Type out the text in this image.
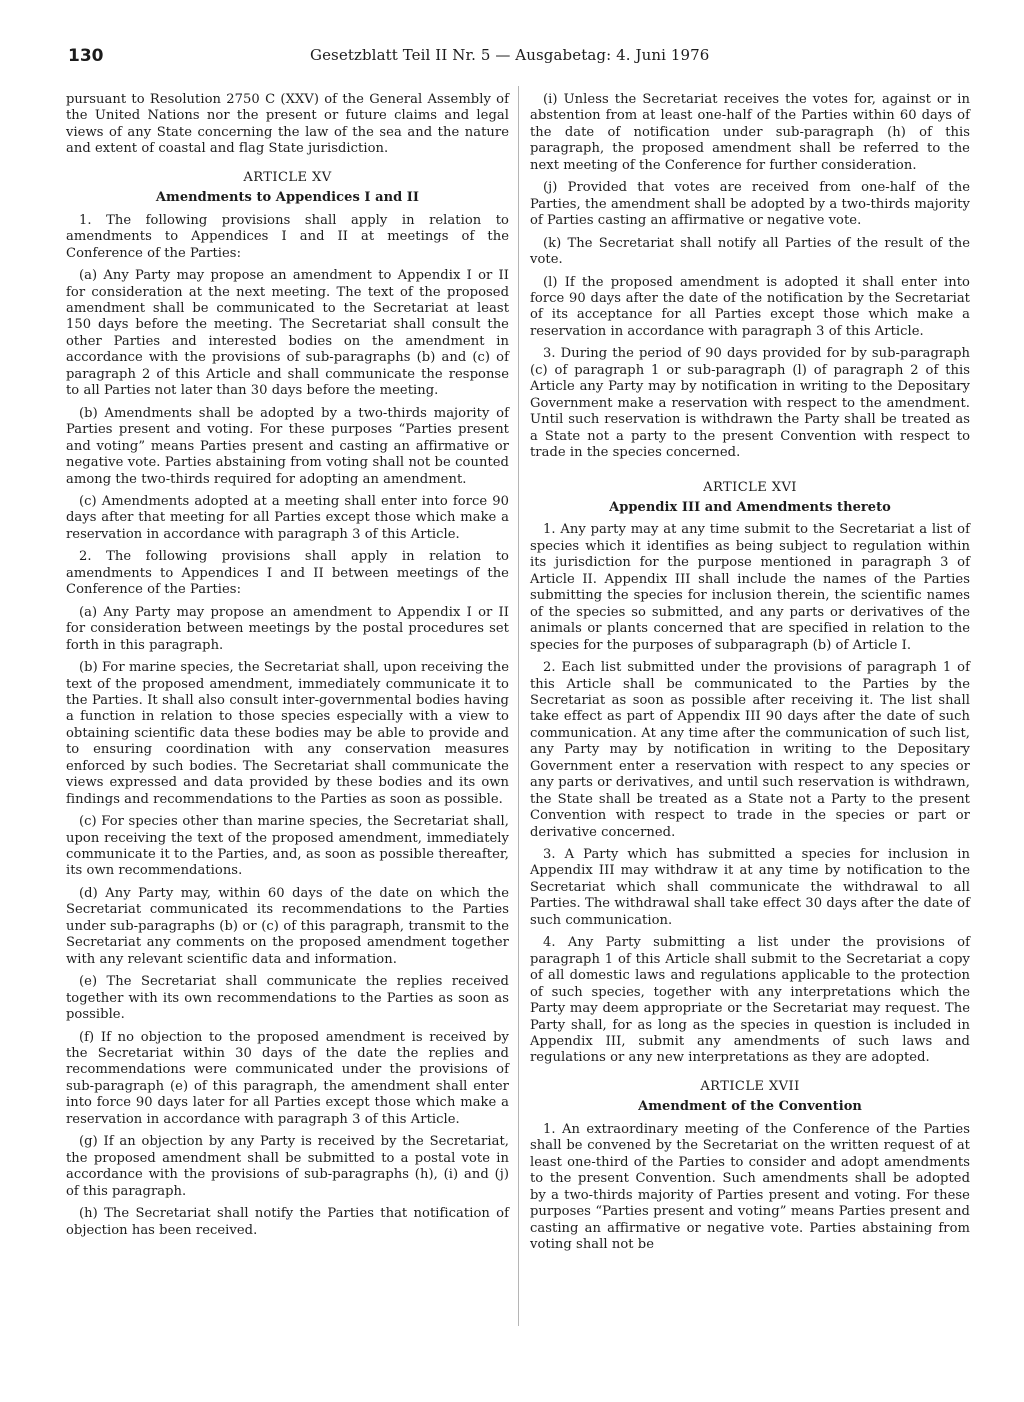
130	Gesetzblatt Teil II Nr. 5 — Ausgabetag: 4. Juni 1976

pursuant to Resolution 2750 C (XXV) of the General Assembly of the United Nations nor the present or future claims and legal views of any State concerning the law of the sea and the nature and extent of coastal and flag State jurisdiction.

ARTICLE XV
Amendments to Appendices I and II

1. The following provisions shall apply in relation to amendments to Appendices I and II at meetings of the Conference of the Parties:

(a) Any Party may propose an amendment to Appendix I or II for consideration at the next meeting. The text of the proposed amendment shall be communicated to the Secretariat at least 150 days before the meeting. The Secretariat shall consult the other Parties and interested bodies on the amendment in accordance with the provisions of sub-paragraphs (b) and (c) of paragraph 2 of this Article and shall communicate the response to all Parties not later than 30 days before the meeting.

(b) Amendments shall be adopted by a two-thirds majority of Parties present and voting. For these purposes “Parties present and voting” means Parties present and casting an affirmative or negative vote. Parties abstaining from voting shall not be counted among the two-thirds required for adopting an amendment.

(c) Amendments adopted at a meeting shall enter into force 90 days after that meeting for all Parties except those which make a reservation in accordance with paragraph 3 of this Article.

2. The following provisions shall apply in relation to amendments to Appendices I and II between meetings of the Conference of the Parties:

(a) Any Party may propose an amendment to Appendix I or II for consideration between meetings by the postal procedures set forth in this paragraph.

(b) For marine species, the Secretariat shall, upon receiving the text of the proposed amendment, immediately communicate it to the Parties. It shall also consult inter-governmental bodies having a function in relation to those species especially with a view to obtaining scientific data these bodies may be able to provide and to ensuring coordination with any conservation measures enforced by such bodies. The Secretariat shall communicate the views expressed and data provided by these bodies and its own findings and recommendations to the Parties as soon as possible.

(c) For species other than marine species, the Secretariat shall, upon receiving the text of the proposed amendment, immediately communicate it to the Parties, and, as soon as possible thereafter, its own recommendations.

(d) Any Party may, within 60 days of the date on which the Secretariat communicated its recommendations to the Parties under sub-paragraphs (b) or (c) of this paragraph, transmit to the Secretariat any comments on the proposed amendment together with any relevant scientific data and information.

(e) The Secretariat shall communicate the replies received together with its own recommendations to the Parties as soon as possible.

(f) If no objection to the proposed amendment is received by the Secretariat within 30 days of the date the replies and recommendations were communicated under the provisions of sub-paragraph (e) of this paragraph, the amendment shall enter into force 90 days later for all Parties except those which make a reservation in accordance with paragraph 3 of this Article.

(g) If an objection by any Party is received by the Secretariat, the proposed amendment shall be submitted to a postal vote in accordance with the provisions of sub-paragraphs (h), (i) and (j) of this paragraph.

(h) The Secretariat shall notify the Parties that notification of objection has been received.

(i) Unless the Secretariat receives the votes for, against or in abstention from at least one-half of the Parties within 60 days of the date of notification under sub-paragraph (h) of this paragraph, the proposed amendment shall be referred to the next meeting of the Conference for further consideration.

(j) Provided that votes are received from one-half of the Parties, the amendment shall be adopted by a two-thirds majority of Parties casting an affirmative or negative vote.

(k) The Secretariat shall notify all Parties of the result of the vote.

(l) If the proposed amendment is adopted it shall enter into force 90 days after the date of the notification by the Secretariat of its acceptance for all Parties except those which make a reservation in accordance with paragraph 3 of this Article.

3. During the period of 90 days provided for by sub-paragraph (c) of paragraph 1 or sub-paragraph (l) of paragraph 2 of this Article any Party may by notification in writing to the Depositary Government make a reservation with respect to the amendment. Until such reservation is withdrawn the Party shall be treated as a State not a party to the present Convention with respect to trade in the species concerned.

ARTICLE XVI
Appendix III and Amendments thereto

1. Any party may at any time submit to the Secretariat a list of species which it identifies as being subject to regulation within its jurisdiction for the purpose mentioned in paragraph 3 of Article II. Appendix III shall include the names of the Parties submitting the species for inclusion therein, the scientific names of the species so submitted, and any parts or derivatives of the animals or plants concerned that are specified in relation to the species for the purposes of subparagraph (b) of Article I.

2. Each list submitted under the provisions of paragraph 1 of this Article shall be communicated to the Parties by the Secretariat as soon as possible after receiving it. The list shall take effect as part of Appendix III 90 days after the date of such communication. At any time after the communication of such list, any Party may by notification in writing to the Depositary Government enter a reservation with respect to any species or any parts or derivatives, and until such reservation is withdrawn, the State shall be treated as a State not a Party to the present Convention with respect to trade in the species or part or derivative concerned.

3. A Party which has submitted a species for inclusion in Appendix III may withdraw it at any time by notification to the Secretariat which shall communicate the withdrawal to all Parties. The withdrawal shall take effect 30 days after the date of such communication.

4. Any Party submitting a list under the provisions of paragraph 1 of this Article shall submit to the Secretariat a copy of all domestic laws and regulations applicable to the protection of such species, together with any interpretations which the Party may deem appropriate or the Secretariat may request. The Party shall, for as long as the species in question is included in Appendix III, submit any amendments of such laws and regulations or any new interpretations as they are adopted.

ARTICLE XVII
Amendment of the Convention

1. An extraordinary meeting of the Conference of the Parties shall be convened by the Secretariat on the written request of at least one-third of the Parties to consider and adopt amendments to the present Convention. Such amendments shall be adopted by a two-thirds majority of Parties present and voting. For these purposes “Parties present and voting” means Parties present and casting an affirmative or negative vote. Parties abstaining from voting shall not be
